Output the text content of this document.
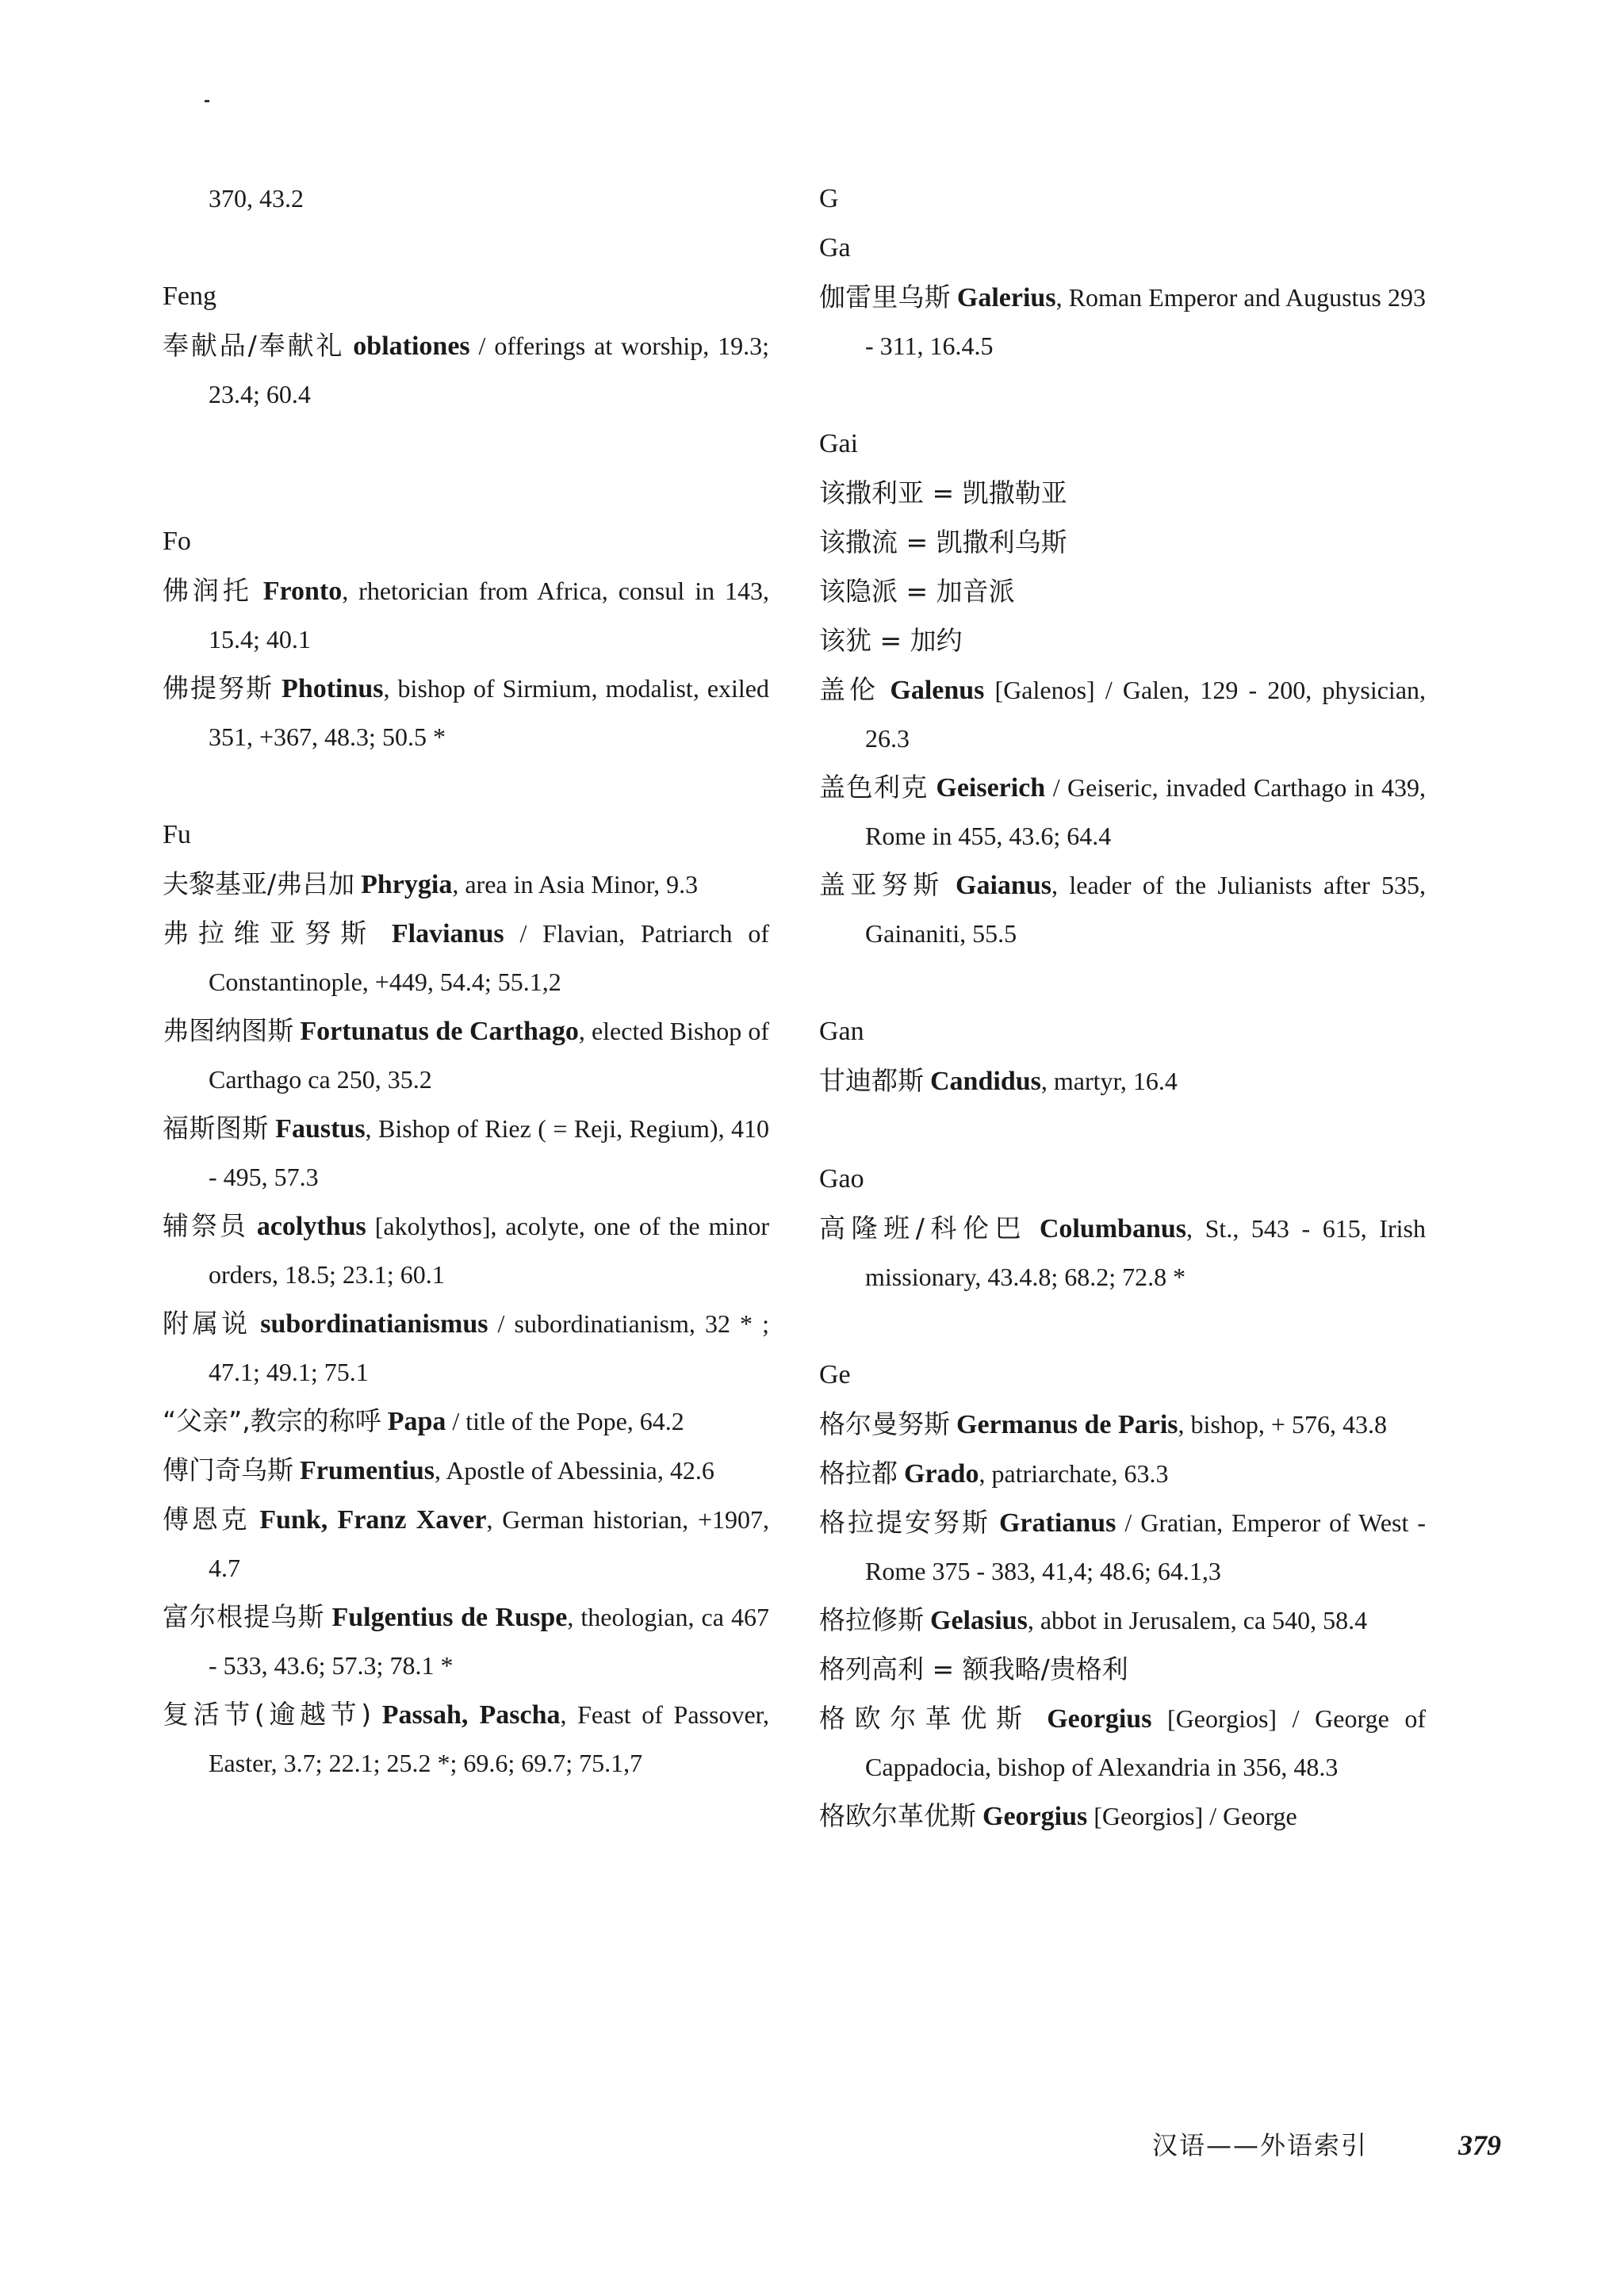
370, 43.2
Feng
奉献品/奉献礼 oblationes / offerings at worship, 19.3; 23.4; 60.4
Fo
佛润托 Fronto, rhetorician from Africa, consul in 143, 15.4; 40.1
佛提努斯 Photinus, bishop of Sirmium, modalist, exiled 351, +367, 48.3; 50.5 *
Fu
夫黎基亚/弗吕加 Phrygia, area in Asia Minor, 9.3
弗拉维亚努斯 Flavianus / Flavian, Patriarch of Constantinople, +449, 54.4; 55.1,2
弗图纳图斯 Fortunatus de Carthago, elected Bishop of Carthago ca 250, 35.2
福斯图斯 Faustus, Bishop of Riez ( = Reji, Regium), 410 - 495, 57.3
辅祭员 acolythus [akolythos], acolyte, one of the minor orders, 18.5; 23.1; 60.1
附属说 subordinatianismus / subordinatianism, 32 * ; 47.1; 49.1; 75.1
“父亲”,教宗的称呼 Papa / title of the Pope, 64.2
傅门奇乌斯 Frumentius, Apostle of Abessinia, 42.6
傅恩克 Funk, Franz Xaver, German historian, +1907, 4.7
富尔根提乌斯 Fulgentius de Ruspe, theologian, ca 467 - 533, 43.6; 57.3; 78.1 *
复活节(逾越节) Passah, Pascha, Feast of Passover, Easter, 3.7; 22.1; 25.2 *; 69.6; 69.7; 75.1,7
G
Ga
伽雷里乌斯 Galerius, Roman Emperor and Augustus 293 - 311, 16.4.5
Gai
该撒利亚 = 凯撒勒亚
该撒流 = 凯撒利乌斯
该隐派 = 加音派
该犹 = 加约
盖伦 Galenus [Galenos] / Galen, 129 - 200, physician, 26.3
盖色利克 Geiserich / Geiseric, invaded Carthago in 439, Rome in 455, 43.6; 64.4
盖亚努斯 Gaianus, leader of the Julianists after 535, Gainaniti, 55.5
Gan
甘迪都斯 Candidus, martyr, 16.4
Gao
高隆班/科伦巴 Columbanus, St., 543 - 615, Irish missionary, 43.4.8; 68.2; 72.8 *
Ge
格尔曼努斯 Germanus de Paris, bishop, + 576, 43.8
格拉都 Grado, patriarchate, 63.3
格拉提安努斯 Gratianus / Gratian, Emperor of West - Rome 375 - 383, 41,4; 48.6; 64.1,3
格拉修斯 Gelasius, abbot in Jerusalem, ca 540, 58.4
格列高利 = 额我略/贵格利
格欧尔革优斯 Georgius [Georgios] / George of Cappadocia, bishop of Alexandria in 356, 48.3
格欧尔革优斯 Georgius [Georgios] / George
汉语——外语索引	379
